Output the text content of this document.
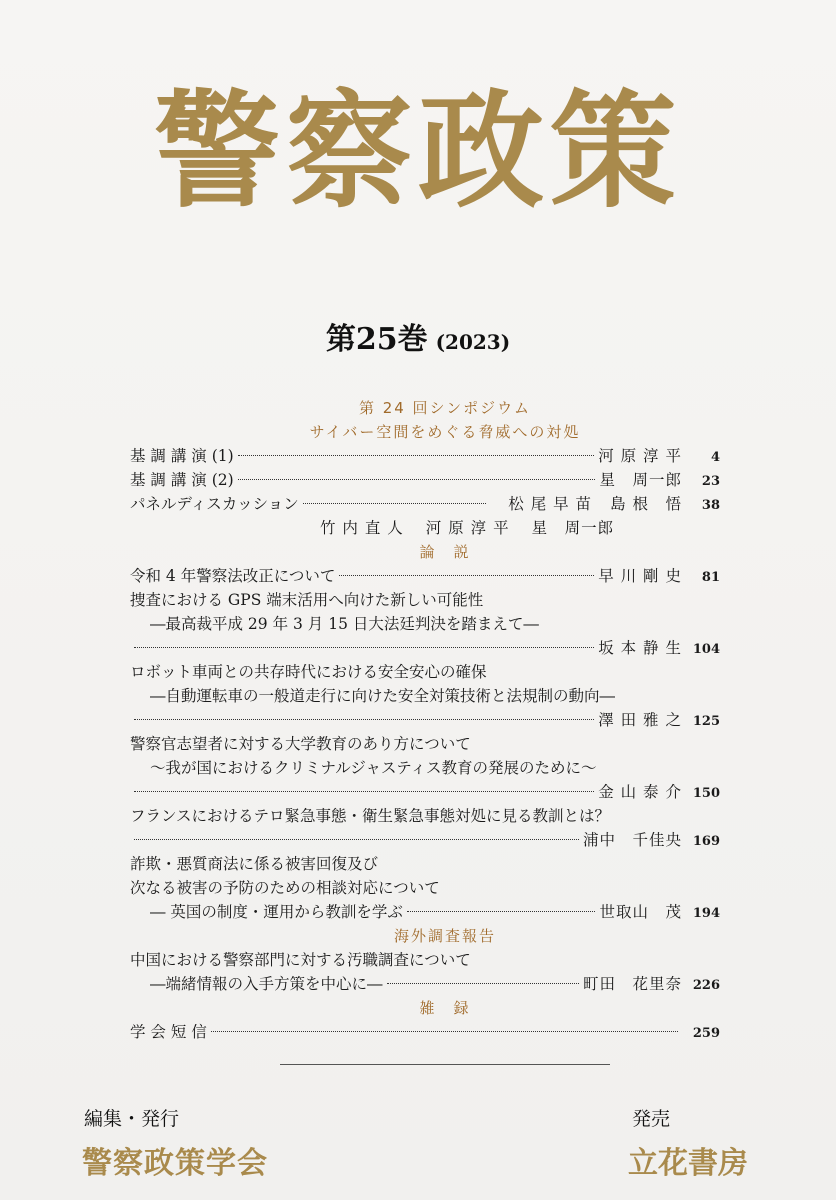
警察政策
第25巻 (2023)
第 24 回シンポジウム
サイバー空間をめぐる脅威への対処
基 調 講 演 (1)	河 原 淳 平	4
基 調 講 演 (2)	星　周一郎	23
パネルディスカッション	松 尾 早 苗 島 根　悟	38
竹 内 直 人 河 原 淳 平 星　周一郎
論　説
令和 4 年警察法改正について	早 川 剛 史	81
捜査における GPS 端末活用へ向けた新しい可能性
―最高裁平成 29 年 3 月 15 日大法廷判決を踏まえて―
坂 本 静 生 104
ロボット車両との共存時代における安全安心の確保
―自動運転車の一般道走行に向けた安全対策技術と法規制の動向―
澤 田 雅 之 125
警察官志望者に対する大学教育のあり方について
～我が国におけるクリミナルジャスティス教育の発展のために～
金 山 泰 介 150
フランスにおけるテロ緊急事態・衛生緊急事態対処に見る教訓とは？
浦中　千佳央 169
詐欺・悪質商法に係る被害回復及び
次なる被害の予防のための相談対応について
― 英国の制度・運用から教訓を学ぶ	世取山　茂 194
海外調査報告
中国における警察部門に対する汚職調査について
―端緒情報の入手方策を中心に―	町田　花里奈 226
雑　録
学 会 短 信	259
編集・発行
警察政策学会
発売
立花書房
